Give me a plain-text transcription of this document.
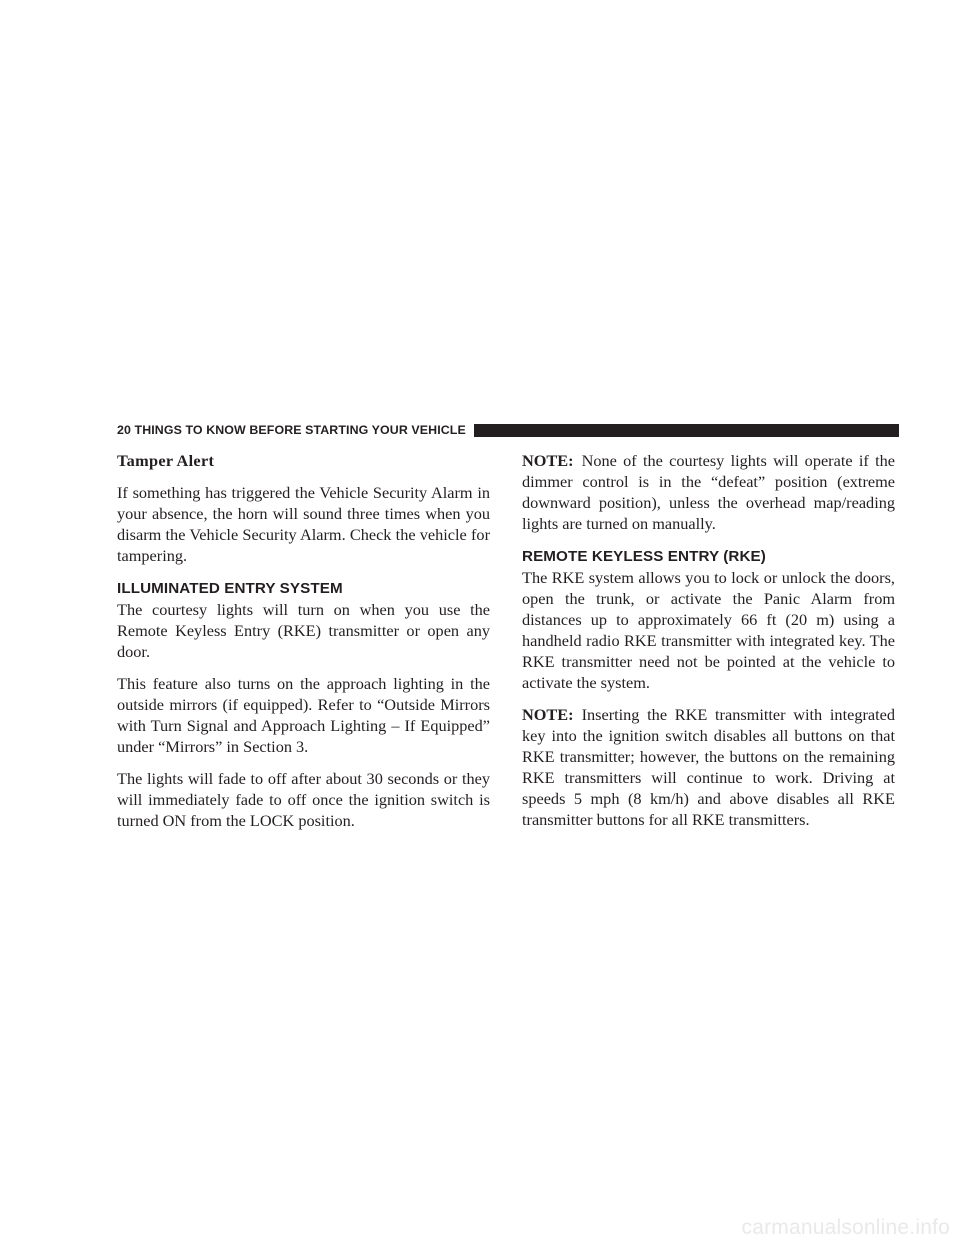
20 THINGS TO KNOW BEFORE STARTING YOUR VEHICLE

Tamper Alert

If something has triggered the Vehicle Security Alarm in your absence, the horn will sound three times when you disarm the Vehicle Security Alarm. Check the vehicle for tampering.

ILLUMINATED ENTRY SYSTEM

The courtesy lights will turn on when you use the Remote Keyless Entry (RKE) transmitter or open any door.

This feature also turns on the approach lighting in the outside mirrors (if equipped). Refer to “Outside Mirrors with Turn Signal and Approach Lighting – If Equipped” under “Mirrors” in Section 3.

The lights will fade to off after about 30 seconds or they will immediately fade to off once the ignition switch is turned ON from the LOCK position.

NOTE: None of the courtesy lights will operate if the dimmer control is in the “defeat” position (extreme downward position), unless the overhead map/reading lights are turned on manually.

REMOTE KEYLESS ENTRY (RKE)

The RKE system allows you to lock or unlock the doors, open the trunk, or activate the Panic Alarm from distances up to approximately 66 ft (20 m) using a handheld radio RKE transmitter with integrated key. The RKE transmitter need not be pointed at the vehicle to activate the system.

NOTE: Inserting the RKE transmitter with integrated key into the ignition switch disables all buttons on that RKE transmitter; however, the buttons on the remaining RKE transmitters will continue to work. Driving at speeds 5 mph (8 km/h) and above disables all RKE transmitter buttons for all RKE transmitters.

carmanualsonline.info
